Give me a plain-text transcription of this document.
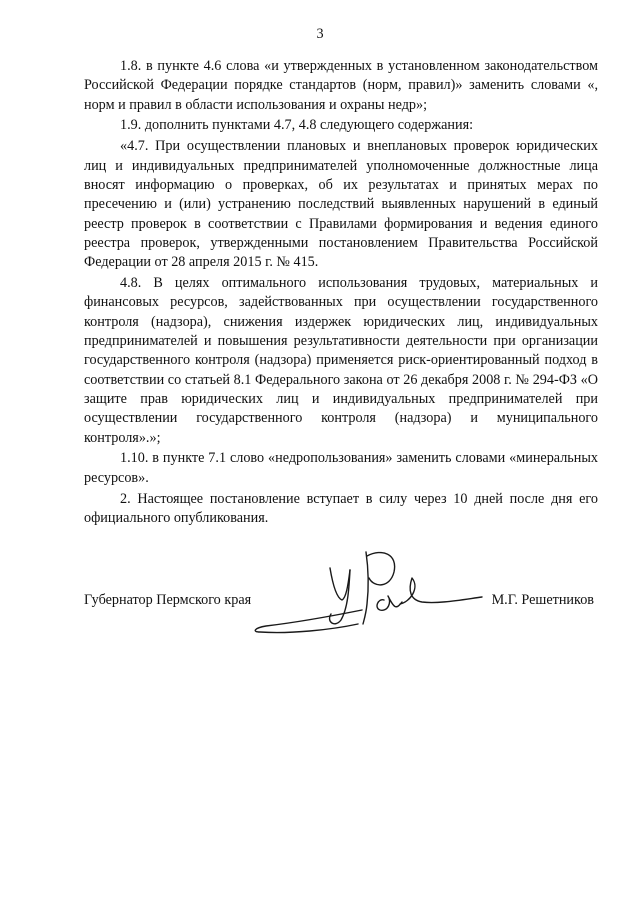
3

1.8. в пункте 4.6 слова «и утвержденных в установленном законодательством Российской Федерации порядке стандартов (норм, правил)» заменить словами «, норм и правил в области использования и охраны недр»;

1.9. дополнить пунктами 4.7, 4.8 следующего содержания:

«4.7. При осуществлении плановых и внеплановых проверок юридических лиц и индивидуальных предпринимателей уполномоченные должностные лица вносят информацию о проверках, об их результатах и принятых мерах по пресечению и (или) устранению последствий выявленных нарушений в единый реестр проверок в соответствии с Правилами формирования и ведения единого реестра проверок, утвержденными постановлением Правительства Российской Федерации от 28 апреля 2015 г. № 415.

4.8. В целях оптимального использования трудовых, материальных и финансовых ресурсов, задействованных при осуществлении государственного контроля (надзора), снижения издержек юридических лиц, индивидуальных предпринимателей и повышения результативности деятельности при организации государственного контроля (надзора) применяется риск-ориентированный подход в соответствии со статьей 8.1 Федерального закона от 26 декабря 2008 г. № 294-ФЗ «О защите прав юридических лиц и индивидуальных предпринимателей при осуществлении государственного контроля (надзора) и муниципального контроля».»;

1.10. в пункте 7.1 слово «недропользования» заменить словами «минеральных ресурсов».

2. Настоящее постановление вступает в силу через 10 дней после дня его официального опубликования.

Губернатор Пермского края	М.Г. Решетников
